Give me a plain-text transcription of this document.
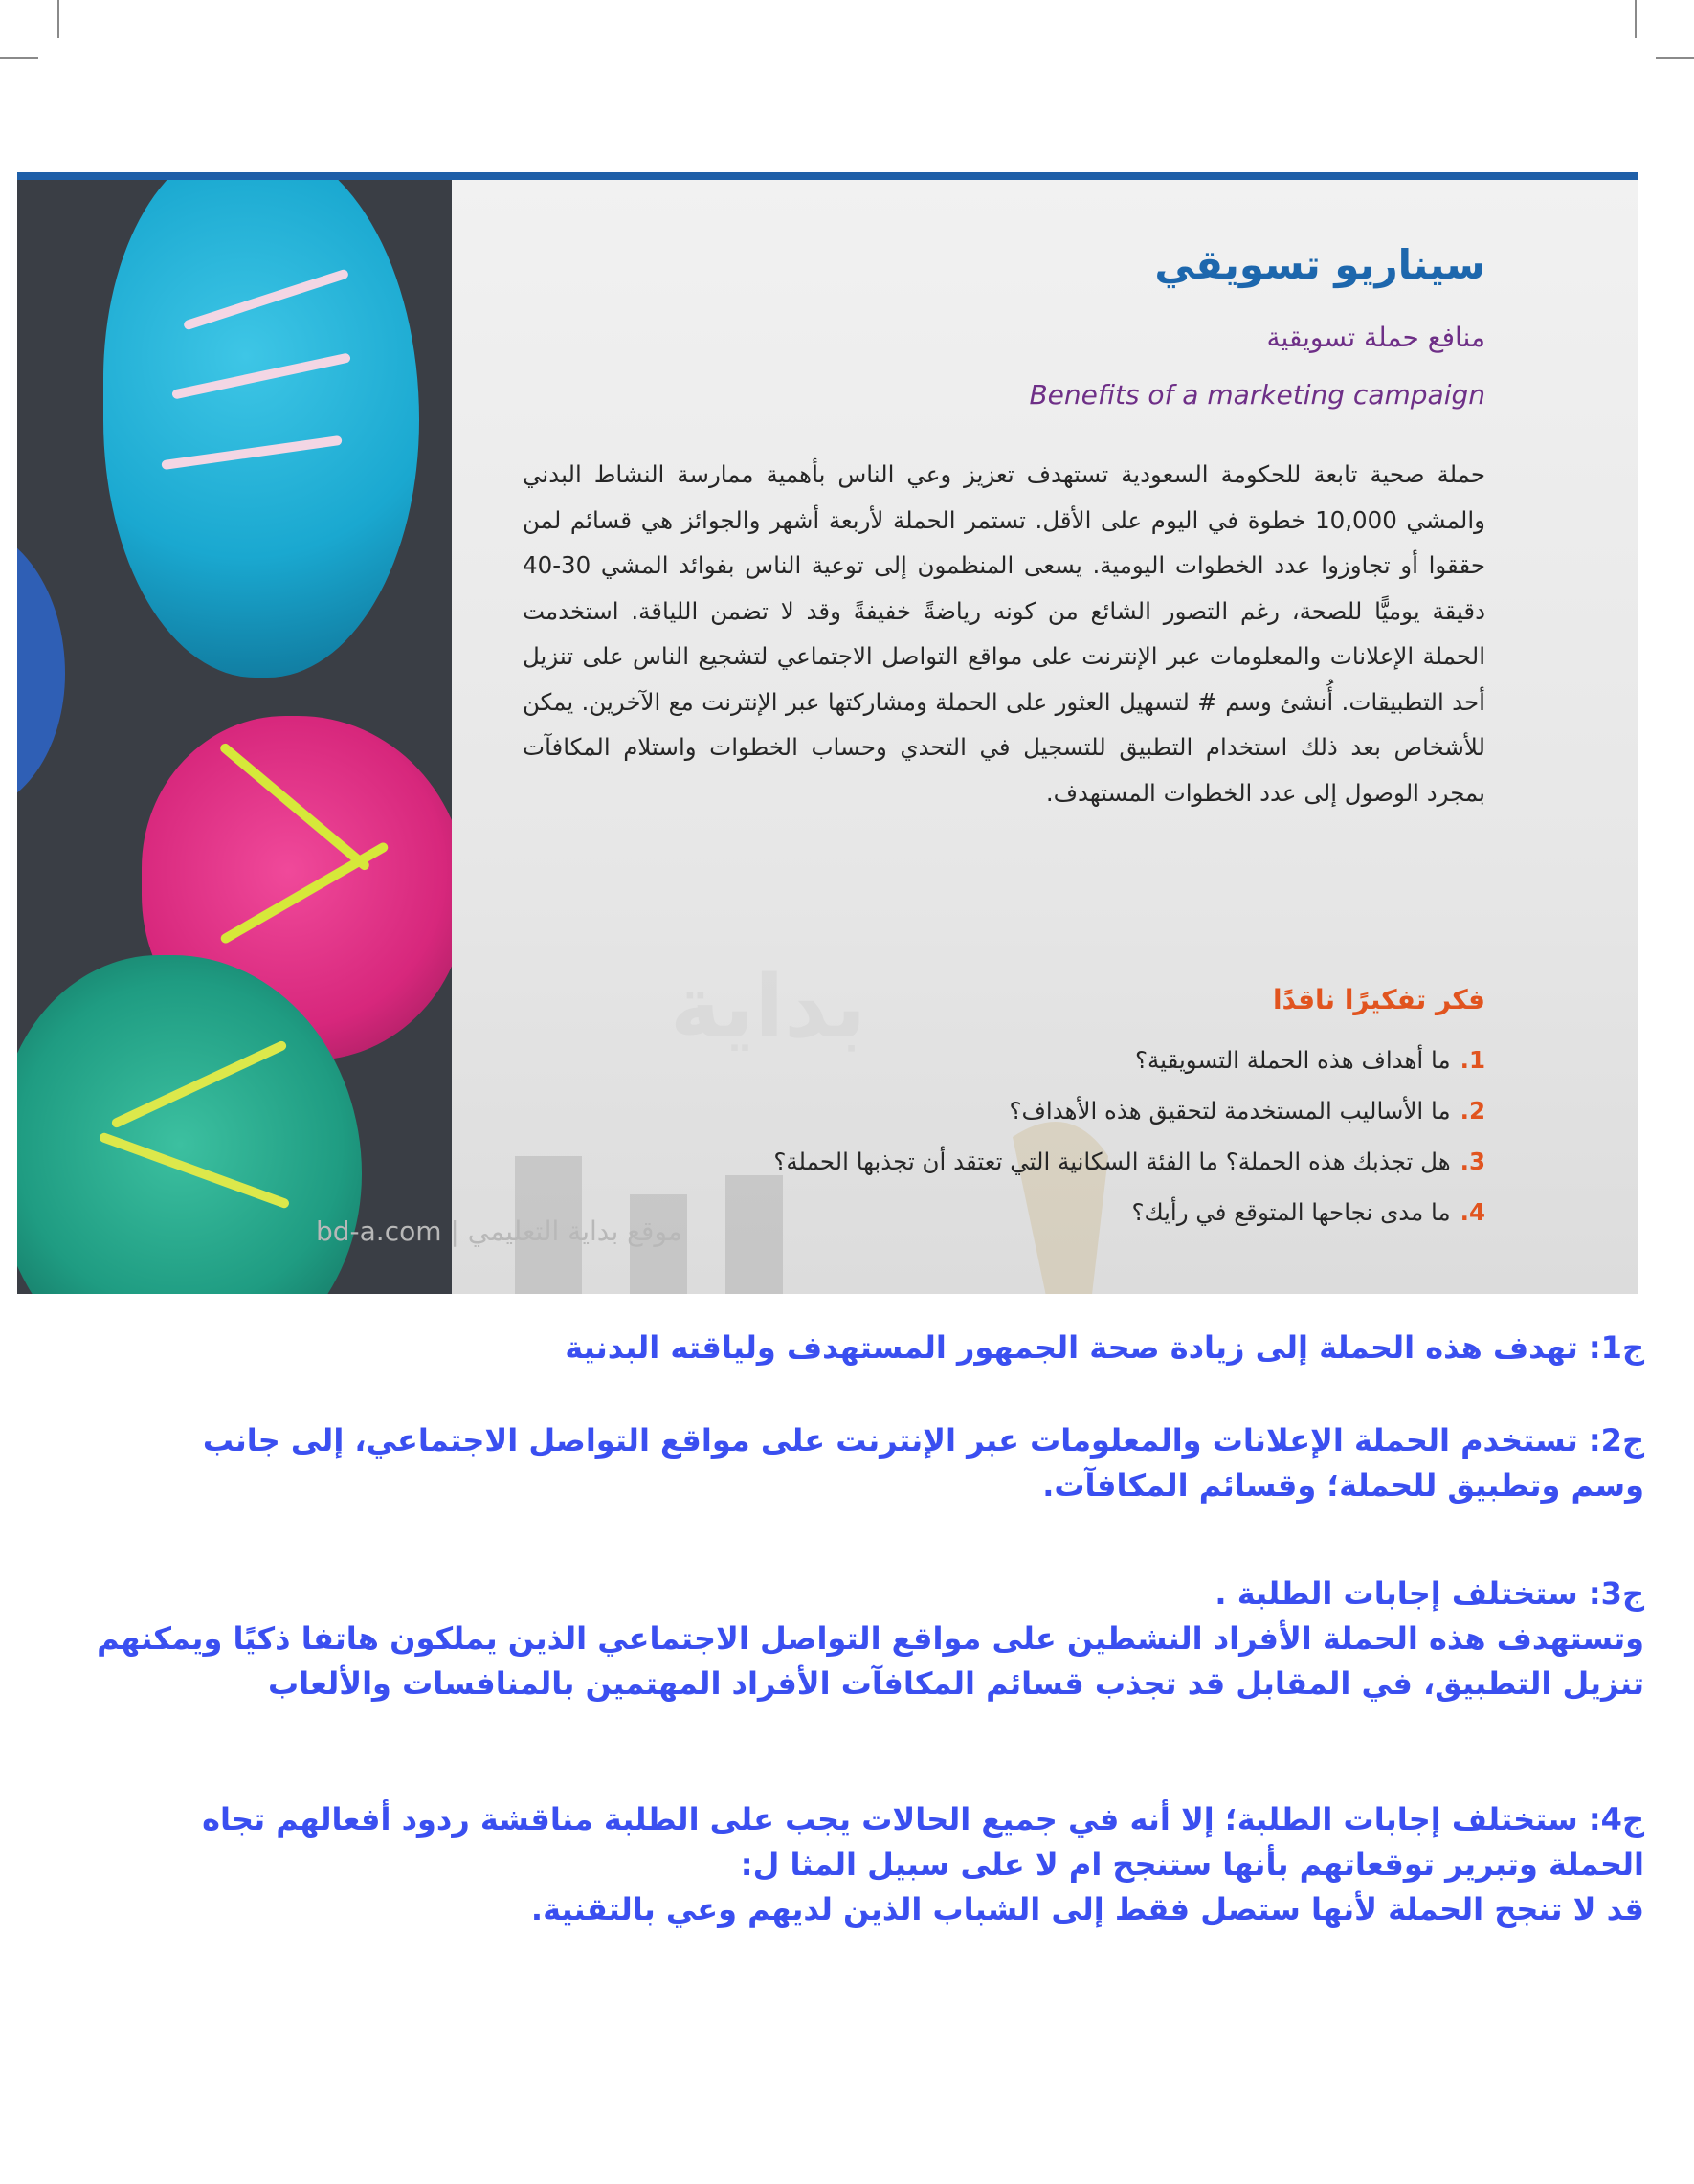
سيناريو تسويقي

منافع حملة تسويقية

Benefits of a marketing campaign

حملة صحية تابعة للحكومة السعودية تستهدف تعزيز وعي الناس بأهمية ممارسة النشاط البدني والمشي 10,000 خطوة في اليوم على الأقل. تستمر الحملة لأربعة أشهر والجوائز هي قسائم لمن حققوا أو تجاوزوا عدد الخطوات اليومية. يسعى المنظمون إلى توعية الناس بفوائد المشي 30-40 دقيقة يوميًّا للصحة، رغم التصور الشائع من كونه رياضةً خفيفةً وقد لا تضمن اللياقة. استخدمت الحملة الإعلانات والمعلومات عبر الإنترنت على مواقع التواصل الاجتماعي لتشجيع الناس على تنزيل أحد التطبيقات. أُنشئ وسم # لتسهيل العثور على الحملة ومشاركتها عبر الإنترنت مع الآخرين. يمكن للأشخاص بعد ذلك استخدام التطبيق للتسجيل في التحدي وحساب الخطوات واستلام المكافآت بمجرد الوصول إلى عدد الخطوات المستهدف.

فكر تفكيرًا ناقدًا
1.ما أهداف هذه الحملة التسويقية؟
2.ما الأساليب المستخدمة لتحقيق هذه الأهداف؟
3.هل تجذبك هذه الحملة؟ ما الفئة السكانية التي تعتقد أن تجذبها الحملة؟
4.ما مدى نجاحها المتوقع في رأيك؟
موقع بداية التعليمي | bd-a.com
بداية
ج1: تهدف هذه الحملة إلى زيادة صحة الجمهور المستهدف ولياقته البدنية
ج2: تستخدم الحملة الإعلانات والمعلومات عبر الإنترنت على مواقع التواصل الاجتماعي، إلى جانب
وسم وتطبيق للحملة؛ وقسائم المكافآت.
ج3: ستختلف إجابات الطلبة .
وتستهدف هذه الحملة الأفراد النشطين على مواقع التواصل الاجتماعي الذين يملكون هاتفا ذكيًا ويمكنهم
تنزيل التطبيق، في المقابل قد تجذب قسائم المكافآت الأفراد المهتمين بالمنافسات والألعاب
ج4: ستختلف إجابات الطلبة؛ إلا أنه في جميع الحالات يجب على الطلبة مناقشة ردود أفعالهم تجاه
الحملة وتبرير توقعاتهم بأنها ستنجح ام لا على سبيل المثا ل:
قد لا تنجح الحملة لأنها ستصل فقط إلى الشباب الذين لديهم وعي بالتقنية.
